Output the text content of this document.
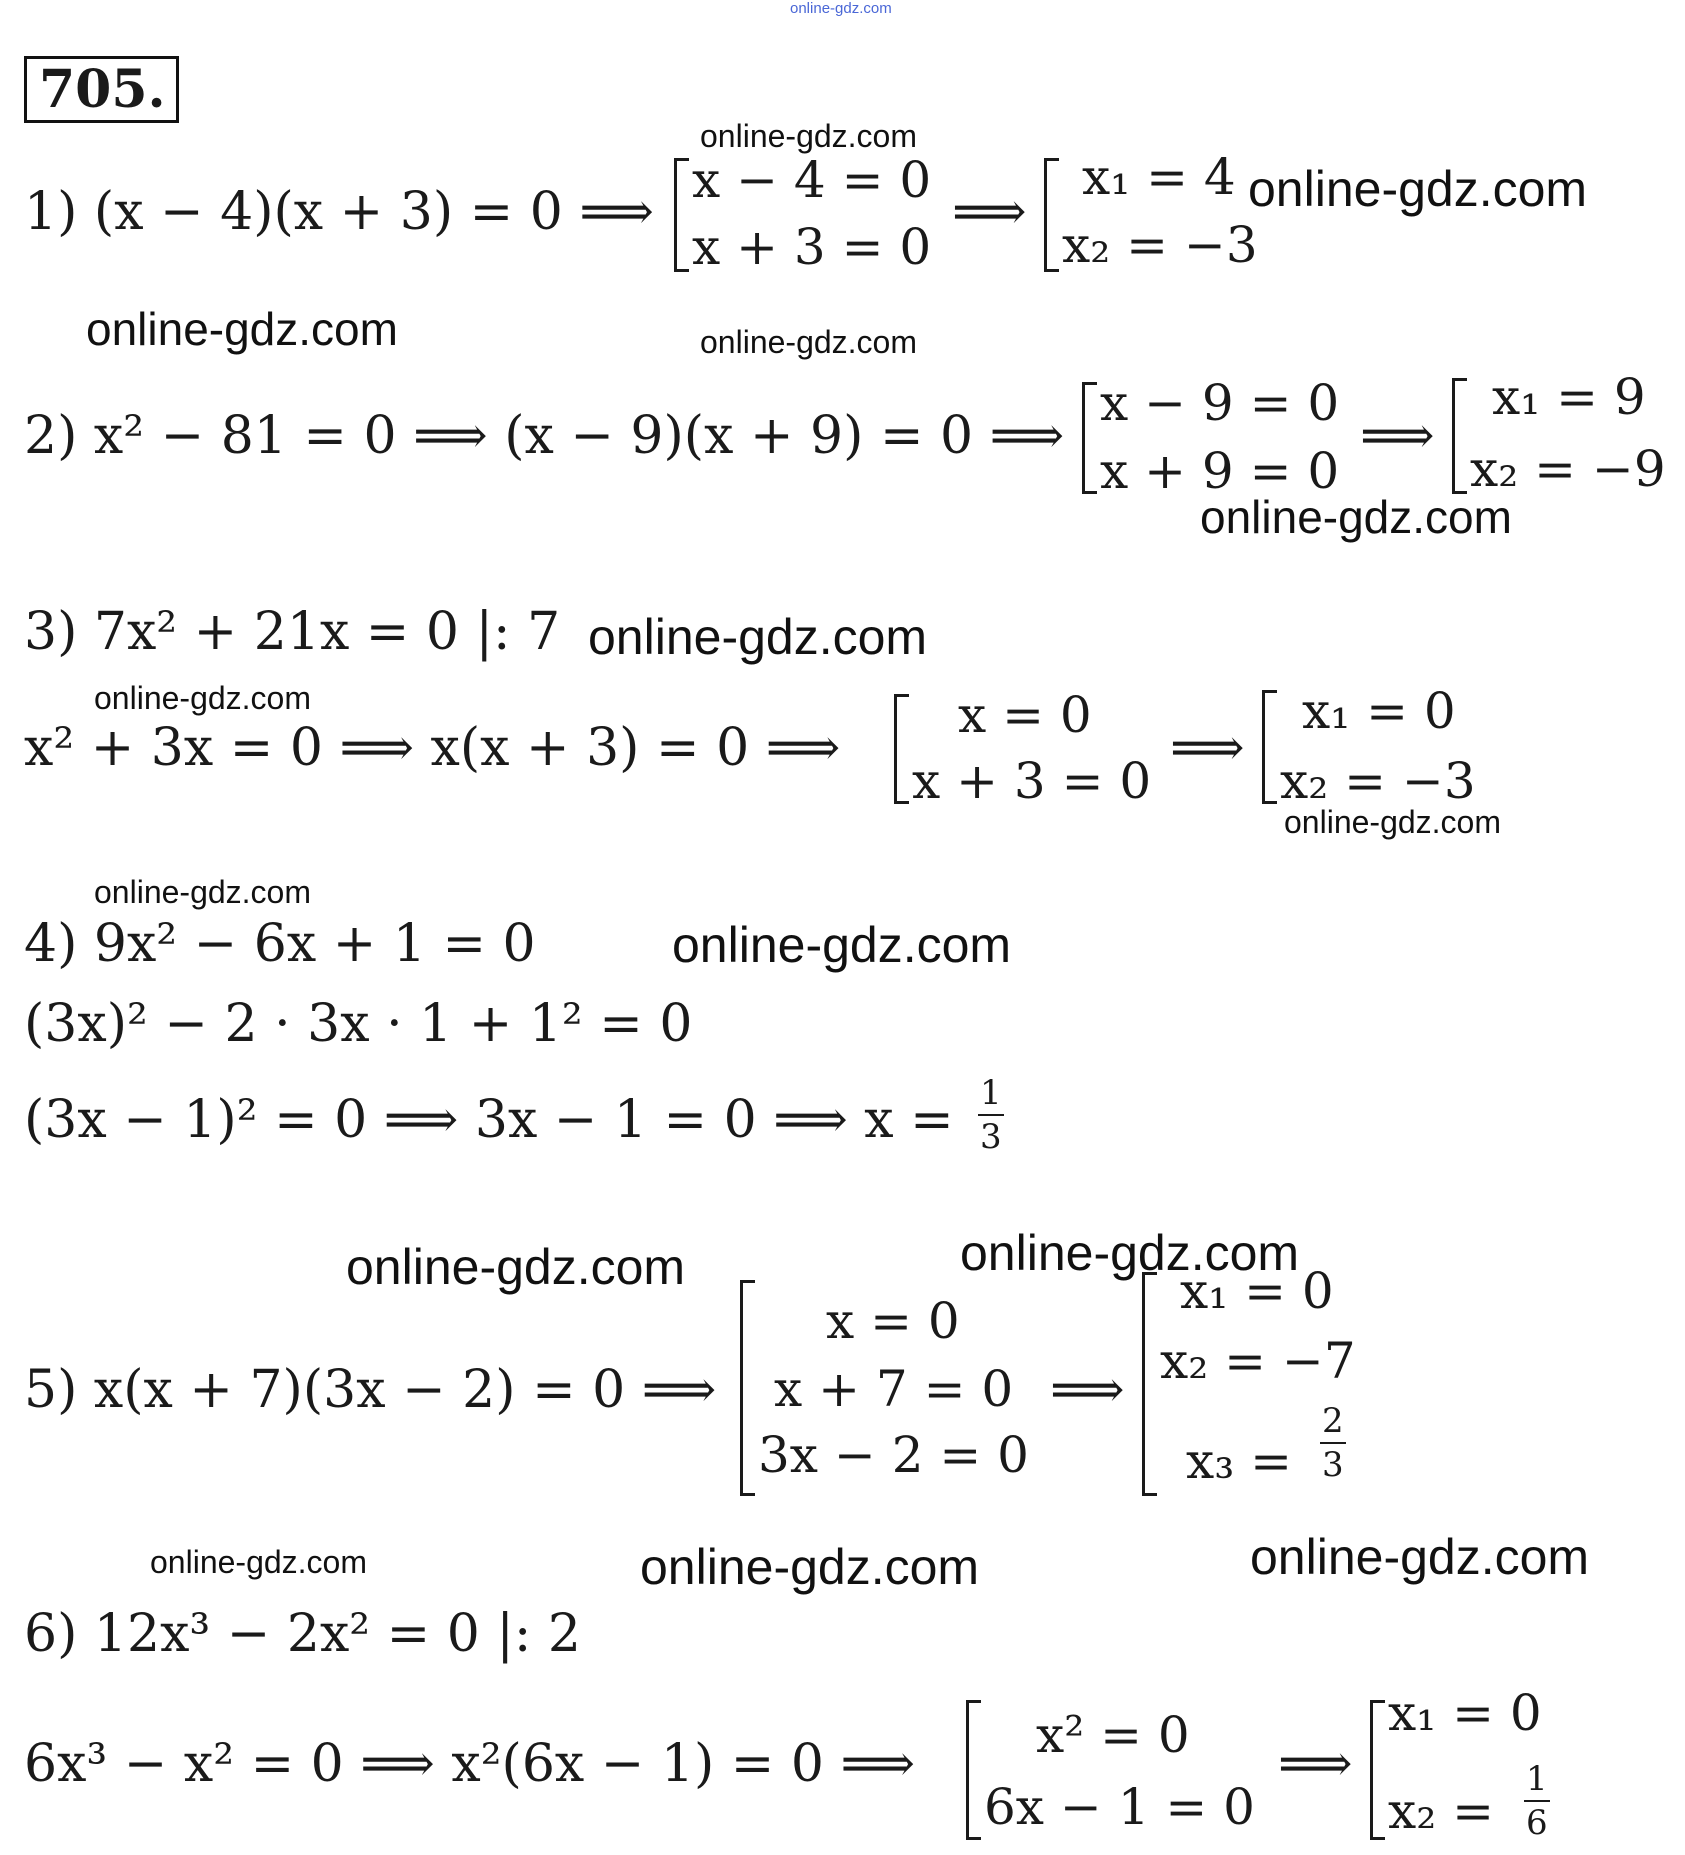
online-gdz.com
705.
online-gdz.com
1) (x − 4)(x + 3) = 0 ⟹
x − 4 = 0
x + 3 = 0
⟹
x₁ = 4
x₂ = −3
online-gdz.com
online-gdz.com	online-gdz.com
2) x² − 81 = 0 ⟹ (x − 9)(x + 9) = 0 ⟹
x − 9 = 0
x + 9 = 0
⟹
x₁ = 9
x₂ = −9
online-gdz.com
3) 7x² + 21x = 0 |: 7 online-gdz.com
online-gdz.com
x² + 3x = 0 ⟹ x(x + 3) = 0 ⟹
x = 0
x + 3 = 0
⟹
x₁ = 0
x₂ = −3
online-gdz.com
online-gdz.com
4) 9x² − 6x + 1 = 0	online-gdz.com
(3x)² − 2 · 3x · 1 + 1² = 0
(3x − 1)² = 0 ⟹ 3x − 1 = 0 ⟹ x = 1
3
online-gdz.com	online-gdz.com
5) x(x + 7)(3x − 2) = 0 ⟹
x = 0
x + 7 = 0
3x − 2 = 0
⟹
x₁ = 0
x₂ = −7
x₃ =
2
3
online-gdz.com	online-gdz.com	online-gdz.com
6) 12x³ − 2x² = 0 |: 2
6x³ − x² = 0 ⟹ x²(6x − 1) = 0 ⟹ x² = 0
6x − 1 = 0
⟹
x₁ = 0
x₂ =
1
6
